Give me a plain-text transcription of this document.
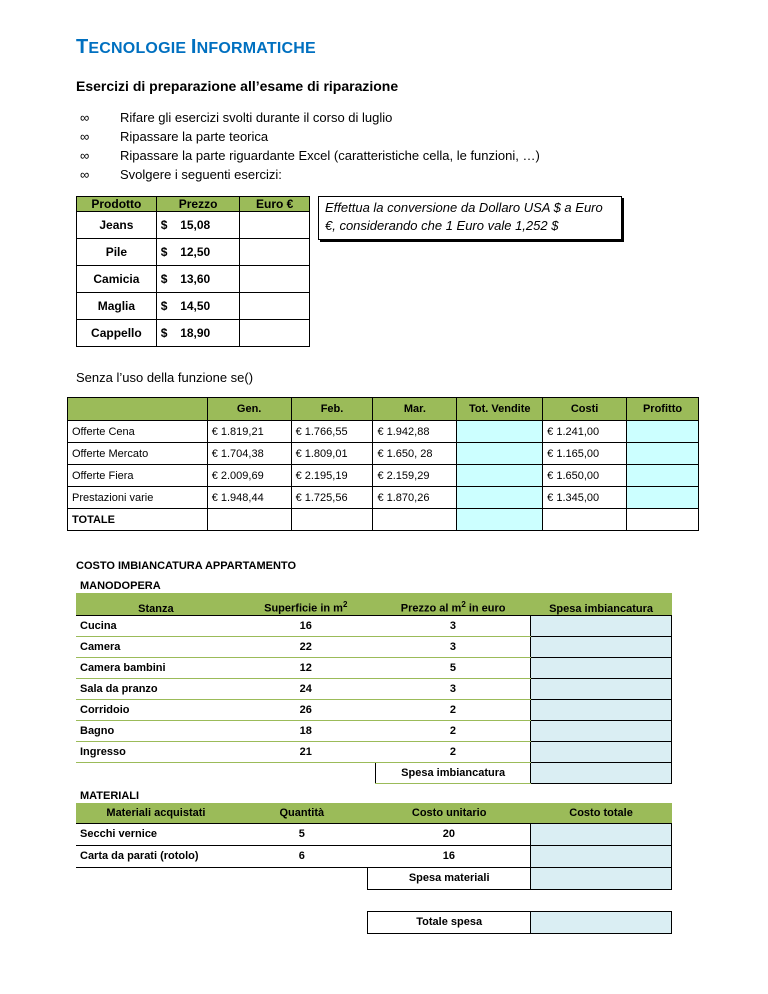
TECNOLOGIE INFORMATICHE
Esercizi di preparazione all’esame di riparazione
∞ Rifare gli esercizi svolti durante il corso di luglio
∞ Ripassare la parte teorica
∞ Ripassare la parte riguardante Excel (caratteristiche cella, le funzioni, …)
∞ Svolgere i seguenti esercizi:
Prodotto	Prezzo		Euro €
Jeans	$	15,08	
Pile	$	12,50	
Camicia	$	13,60	
Maglia	$	14,50	
Cappello	$	18,90	
Effettua la conversione da Dollaro USA $ a Euro €, considerando che 1 Euro vale 1,252 $
Senza l’uso della funzione se()
	Gen.	Feb.	Mar.	Tot. Vendite	Costi	Profitto
Offerte Cena	€ 1.819,21	€ 1.766,55	€ 1.942,88		€ 1.241,00	
Offerte Mercato	€ 1.704,38	€ 1.809,01	€ 1.650, 28		€ 1.165,00	
Offerte Fiera	€ 2.009,69	€ 2.195,19	€ 2.159,29		€ 1.650,00	
Prestazioni varie	€ 1.948,44	€ 1.725,56	€ 1.870,26		€ 1.345,00	
TOTALE						
COSTO IMBIANCATURA APPARTAMENTO
MANODOPERA
Stanza	Superficie in $m^2$	Prezzo al $m^2$ in euro	Spesa imbiancatura
Cucina	16	3	
Camera	22	3	
Camera bambini	12	5	
Sala da pranzo	24	3	
Corridoio	26	2	
Bagno	18	2	
Ingresso	21	2	
		Spesa imbiancatura	
MATERIALI
Materiali acquistati	Quantità	Costo unitario	Costo totale
Secchi vernice	5	20	
Carta da parati (rotolo)	6	16	
		Spesa materiali	

		Totale spesa	
